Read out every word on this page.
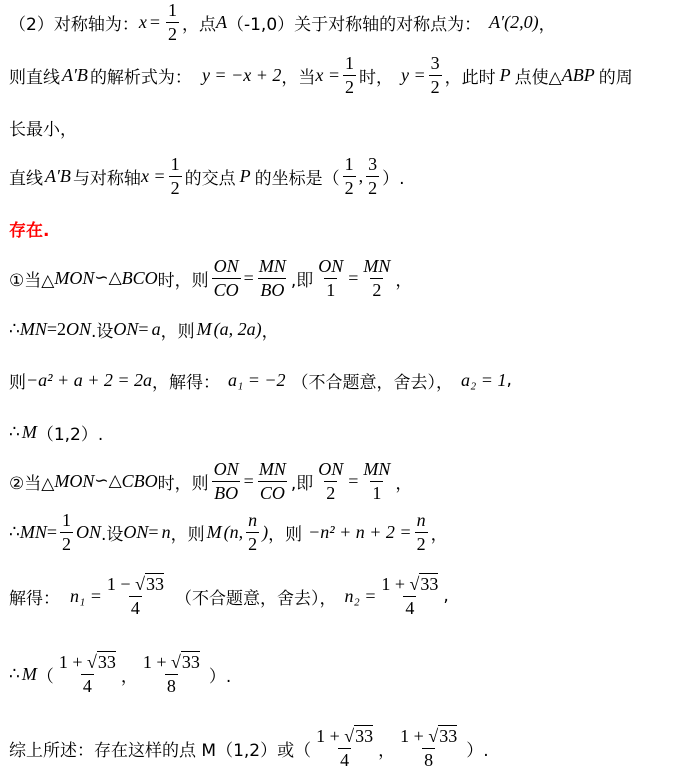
（2）对称轴为： $x = \frac{1}{2}$ ，点 A （-1,0）关于对称轴的对称点为： A′(2,0) ，
则直线 A′B 的解析式为： y = −x + 2 ，当 $x = \frac{1}{2}$ 时， $y = \frac{3}{2}$ ，此时 P 点使△ ABP 的周
长最小，
直线 A′B 与对称轴 $x = \frac{1}{2}$ 的交点 P 的坐标是（ $\frac{1}{2}$ , $\frac{3}{2}$ ）.
存在.
①当△ MON ∽△ BCO 时，则 $\frac{ON}{CO} = \frac{MN}{BO}$ ,即 $\frac{ON}{1} = \frac{MN}{2}$ ，
∴ MN =2 ON .设 ON = a ，则 M (a, 2a) ，
则 −a² + a + 2 = 2a ，解得： a₁ = −2 （不合题意，舍去）， a₂ = 1 ,
∴ M （1,2）.
②当△ MON ∽△ CBO 时，则 $\frac{ON}{BO} = \frac{MN}{CO}$ ,即 $\frac{ON}{2} = \frac{MN}{1}$ ，
∴ MN = $\frac{1}{2}$ ON .设 ON = n ，则 M (n, $\frac{n}{2}$ ) ，则 $-n^2 + n + 2 = \frac{n}{2}$ ，
解得： $n_1 = \frac{1 - √33}{4}$ （不合题意，舍去）， $n_2 = \frac{1 + √33}{4}$ ,
∴ M （ $\frac{1 + √33}{4}$ ， $\frac{1 + √33}{8}$ ）.
综上所述：存在这样的点 M（1,2）或（ $\frac{1 + √33}{4}$ ， $\frac{1 + √33}{8}$ ）.
